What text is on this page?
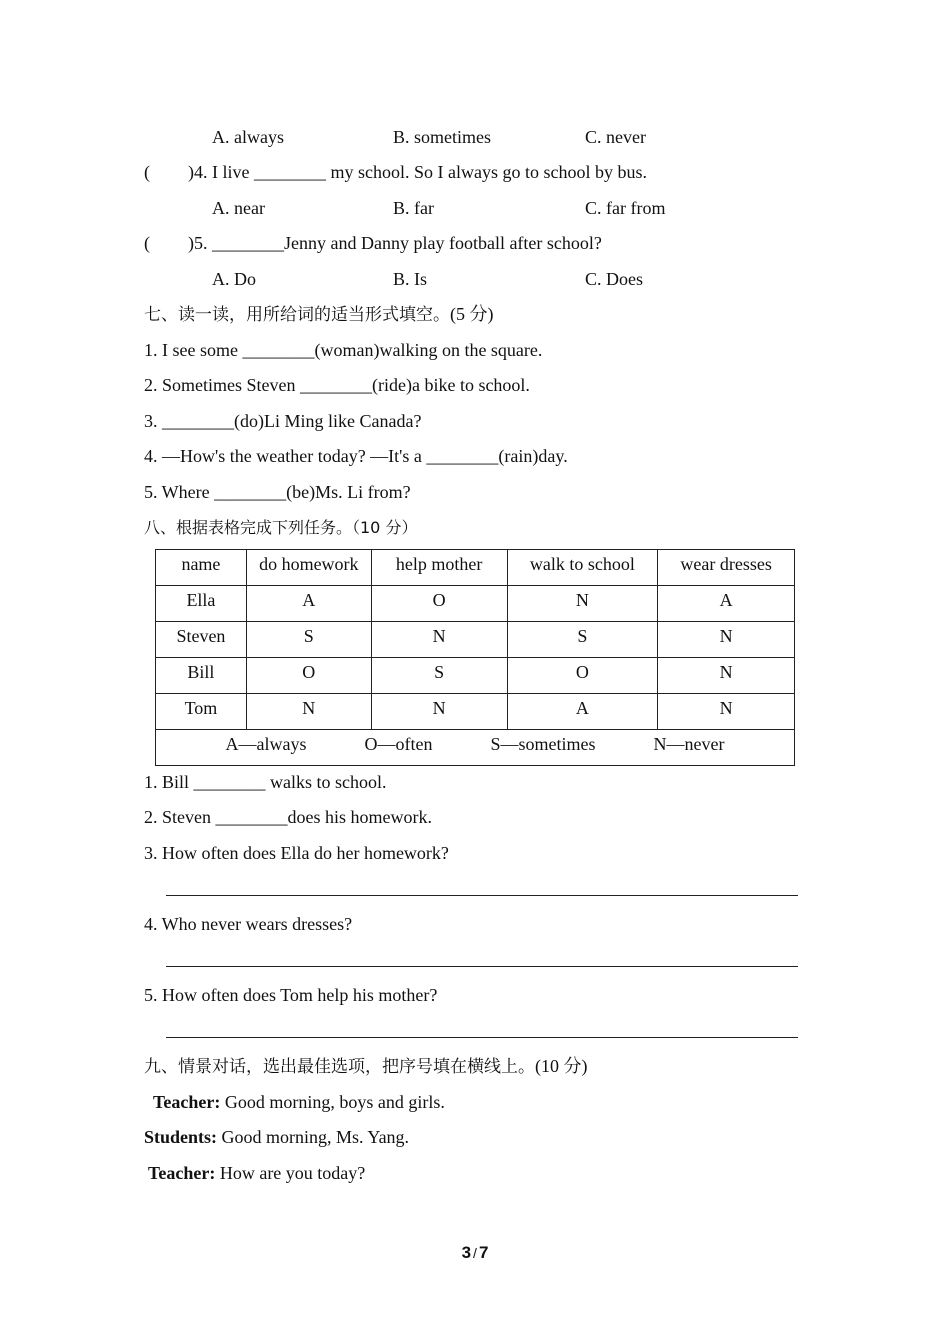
A. always	B. sometimes	C. never
( )4. I live ________ my school. So I always go to school by bus.
A. near	B. far	C. far from
( )5. ________Jenny and Danny play football after school?
A. Do	B. Is	C. Does
七、读一读，用所给词的适当形式填空。(5 分)
1. I see some ________(woman)walking on the square.
2. Sometimes Steven ________(ride)a bike to school.
3. ________(do)Li Ming like Canada?
4. —How's the weather today? —It's a ________(rain)day.
5. Where ________(be)Ms. Li from?
八、根据表格完成下列任务。（10 分）
name	do homework	help mother	walk to school	wear dresses
Ella	A	O	N	A
Steven	S	N	S	N
Bill	O	S	O	N
Tom	N	N	A	N
A—always O—often S—sometimes N—never				
1. Bill ________ walks to school.
2. Steven ________does his homework.
3. How often does Ella do her homework?
4. Who never wears dresses?
5. How often does Tom help his mother?
九、情景对话，选出最佳选项，把序号填在横线上。(10 分)
Teacher: Good morning, boys and girls.
Students: Good morning, Ms. Yang.
Teacher: How are you today?
3 / 7
